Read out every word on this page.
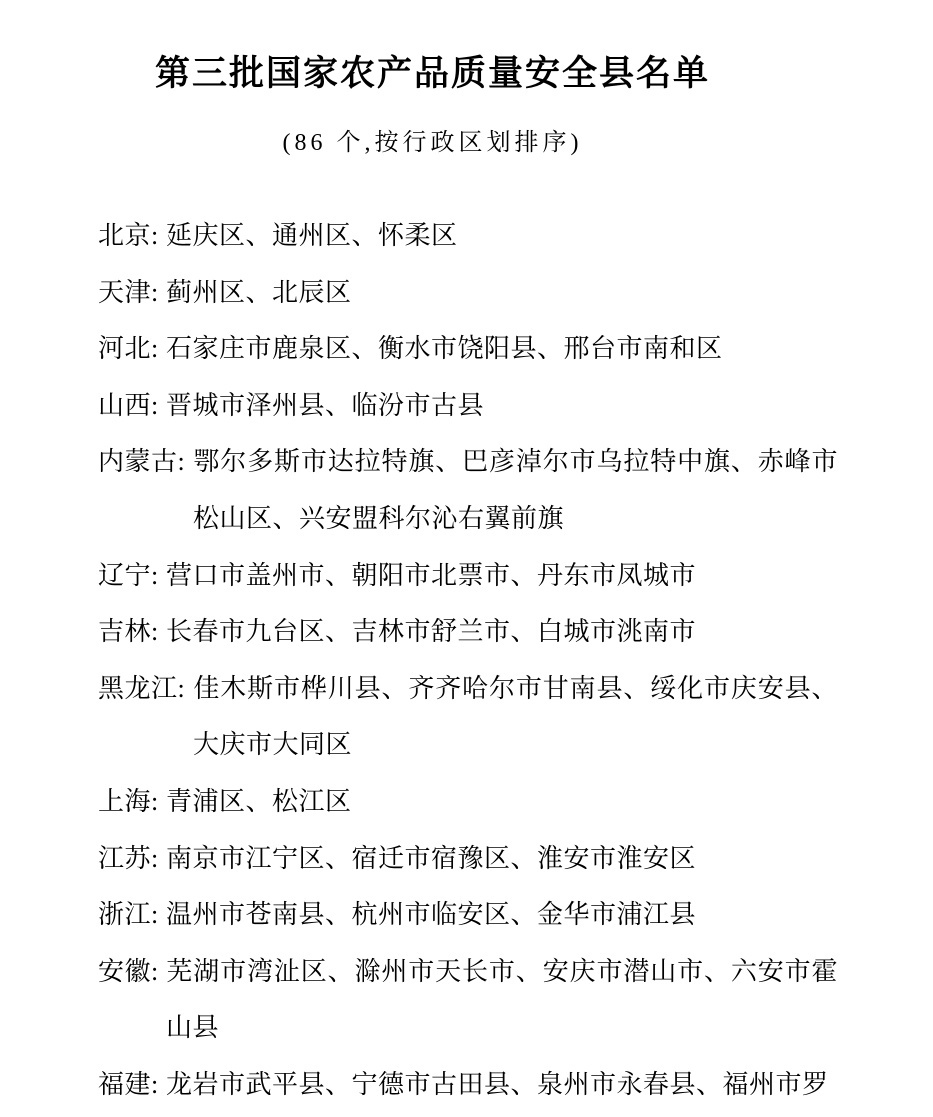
第三批国家农产品质量安全县名单

(86 个,按行政区划排序)

北京: 延庆区、通州区、怀柔区

天津: 蓟州区、北辰区

河北: 石家庄市鹿泉区、衡水市饶阳县、邢台市南和区

山西: 晋城市泽州县、临汾市古县

内蒙古: 鄂尔多斯市达拉特旗、巴彦淖尔市乌拉特中旗、赤峰市松山区、兴安盟科尔沁右翼前旗

辽宁: 营口市盖州市、朝阳市北票市、丹东市凤城市

吉林: 长春市九台区、吉林市舒兰市、白城市洮南市

黑龙江: 佳木斯市桦川县、齐齐哈尔市甘南县、绥化市庆安县、大庆市大同区

上海: 青浦区、松江区

江苏: 南京市江宁区、宿迁市宿豫区、淮安市淮安区

浙江: 温州市苍南县、杭州市临安区、金华市浦江县

安徽: 芜湖市湾沚区、滁州市天长市、安庆市潜山市、六安市霍山县

福建: 龙岩市武平县、宁德市古田县、泉州市永春县、福州市罗
